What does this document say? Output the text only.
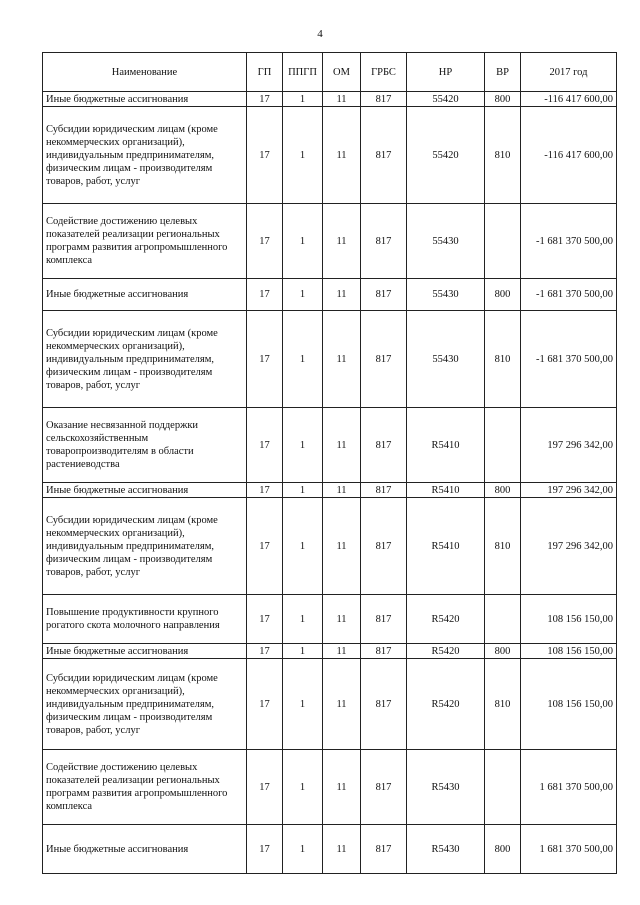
4
Наименование	ГП	ППГП	ОМ	ГРБС	НР	ВР	2017 год
Иные бюджетные ассигнования	17	1	11	817	55420	800	-116 417 600,00
Субсидии юридическим лицам (кроме некоммерческих организаций), индивидуальным предпринимателям, физическим лицам - производителям товаров, работ, услуг	17	1	11	817	55420	810	-116 417 600,00
Содействие достижению целевых показателей реализации региональных программ развития агропромышленного комплекса	17	1	11	817	55430		-1 681 370 500,00
Иные бюджетные ассигнования	17	1	11	817	55430	800	-1 681 370 500,00
Субсидии юридическим лицам (кроме некоммерческих организаций), индивидуальным предпринимателям, физическим лицам - производителям товаров, работ, услуг	17	1	11	817	55430	810	-1 681 370 500,00
Оказание несвязанной поддержки сельскохозяйственным товаропроизводителям в области растениеводства	17	1	11	817	R5410		197 296 342,00
Иные бюджетные ассигнования	17	1	11	817	R5410	800	197 296 342,00
Субсидии юридическим лицам (кроме некоммерческих организаций), индивидуальным предпринимателям, физическим лицам - производителям товаров, работ, услуг	17	1	11	817	R5410	810	197 296 342,00
Повышение продуктивности крупного рогатого скота молочного направления	17	1	11	817	R5420		108 156 150,00
Иные бюджетные ассигнования	17	1	11	817	R5420	800	108 156 150,00
Субсидии юридическим лицам (кроме некоммерческих организаций), индивидуальным предпринимателям, физическим лицам - производителям товаров, работ, услуг	17	1	11	817	R5420	810	108 156 150,00
Содействие достижению целевых показателей реализации региональных программ развития агропромышленного комплекса	17	1	11	817	R5430		1 681 370 500,00
Иные бюджетные ассигнования	17	1	11	817	R5430	800	1 681 370 500,00
